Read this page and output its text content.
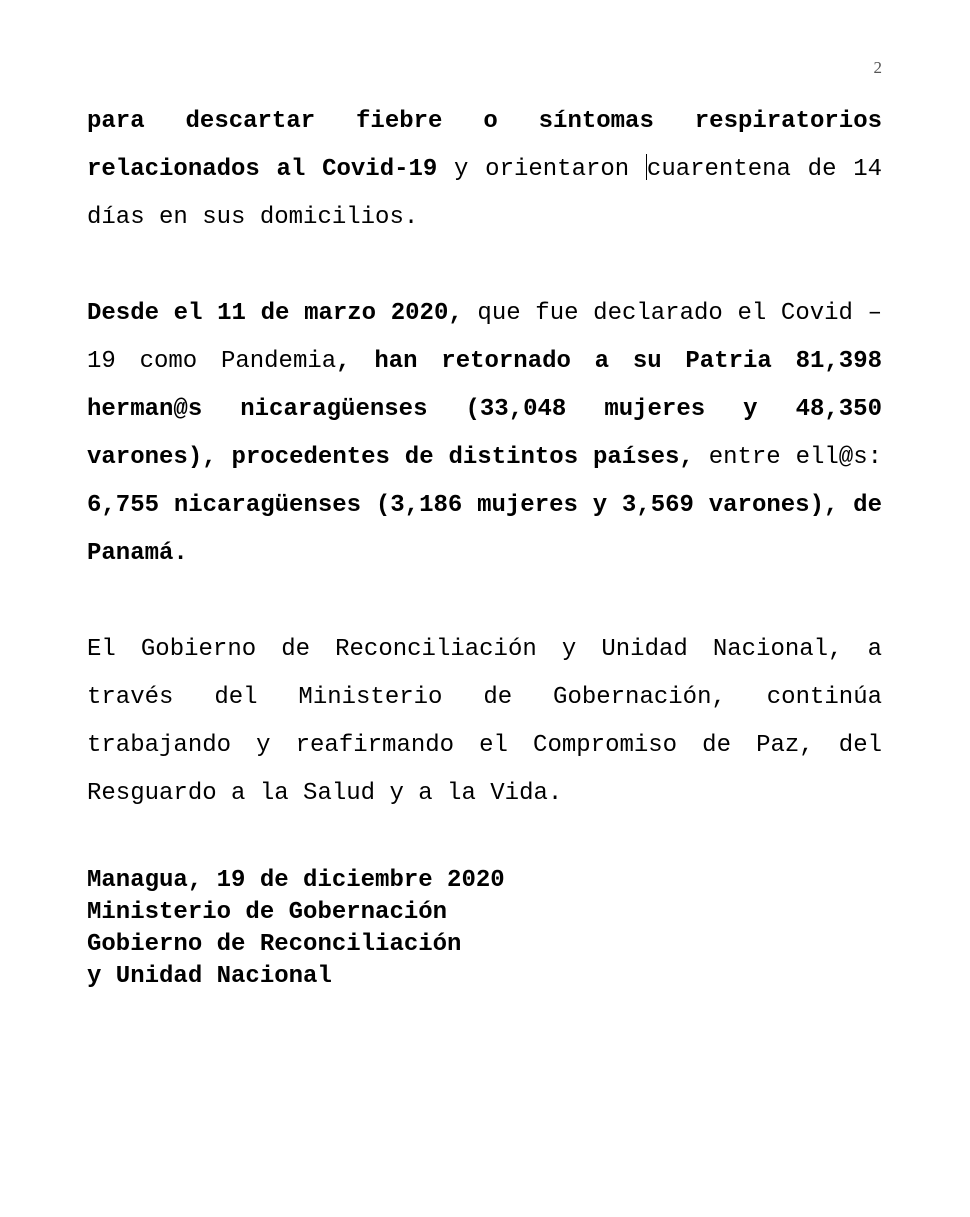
2

para descartar fiebre o síntomas respiratorios relacionados al Covid-19 y orientaron cuarentena de 14 días en sus domicilios.

Desde el 11 de marzo 2020, que fue declarado el Covid – 19 como Pandemia, han retornado a su Patria 81,398 herman@s nicaragüenses (33,048 mujeres y 48,350 varones), procedentes de distintos países, entre ell@s: 6,755 nicaragüenses (3,186 mujeres y 3,569 varones), de Panamá.

El Gobierno de Reconciliación y Unidad Nacional, a través del Ministerio de Gobernación, continúa trabajando y reafirmando el Compromiso de Paz, del Resguardo a la Salud y a la Vida.

Managua, 19 de diciembre 2020
Ministerio de Gobernación
Gobierno de Reconciliación
y Unidad Nacional
